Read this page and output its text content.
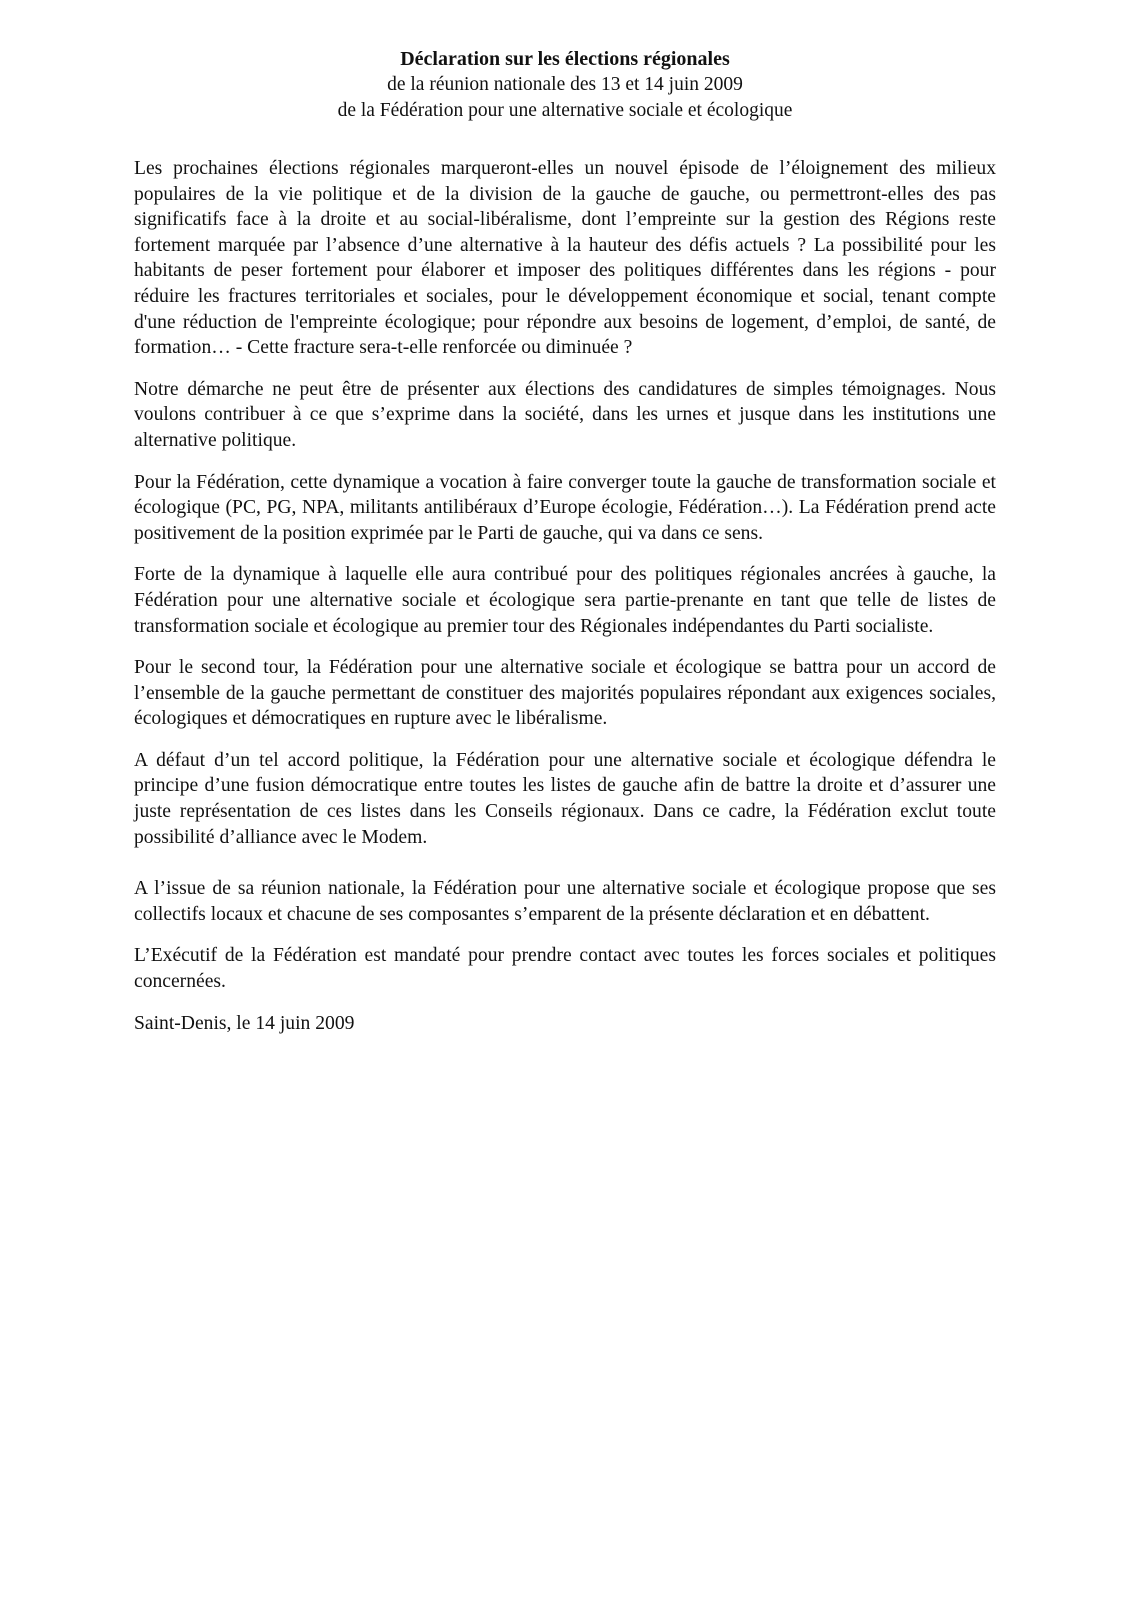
Déclaration sur les élections régionales

de la réunion nationale des 13 et 14 juin 2009

de la Fédération pour une alternative sociale et écologique

Les prochaines élections régionales marqueront-elles un nouvel épisode de l’éloignement des milieux populaires de la vie politique et de la division de la gauche de gauche, ou permettront-elles des pas significatifs face à la droite et au social-libéralisme, dont l’empreinte sur la gestion des Régions reste fortement marquée par l’absence d’une alternative à la hauteur des défis actuels ? La possibilité pour les habitants de peser fortement pour élaborer et imposer des politiques différentes dans les régions - pour réduire les fractures territoriales et sociales, pour le développement économique et social, tenant compte d'une réduction de l'empreinte écologique; pour répondre aux besoins de logement, d’emploi, de santé, de formation… - Cette fracture sera-t-elle renforcée ou diminuée ?

Notre démarche ne peut être de présenter aux élections des candidatures de simples témoignages. Nous voulons contribuer à ce que s’exprime dans la société, dans les urnes et jusque dans les institutions une alternative politique.

Pour la Fédération, cette dynamique a vocation à faire converger toute la gauche de transformation sociale et écologique (PC, PG, NPA, militants antilibéraux d’Europe écologie, Fédération…). La Fédération prend acte positivement de la position exprimée par le Parti de gauche, qui va dans ce sens.

Forte de la dynamique à laquelle elle aura contribué pour des politiques régionales ancrées à gauche, la Fédération pour une alternative sociale et écologique sera partie-prenante en tant que telle de listes de transformation sociale et écologique au premier tour des Régionales indépendantes du Parti socialiste.

Pour le second tour, la Fédération pour une alternative sociale et écologique se battra pour un accord de l’ensemble de la gauche permettant de constituer des majorités populaires répondant aux exigences sociales, écologiques et démocratiques en rupture avec le libéralisme.

A défaut d’un tel accord politique, la Fédération pour une alternative sociale et écologique défendra le principe d’une fusion démocratique entre toutes les listes de gauche afin de battre la droite et d’assurer une juste représentation de ces listes dans les Conseils régionaux. Dans ce cadre, la Fédération exclut toute possibilité d’alliance avec le Modem.

A l’issue de sa réunion nationale, la Fédération pour une alternative sociale et écologique propose que ses collectifs locaux et chacune de ses composantes s’emparent de la présente déclaration et en débattent.

L’Exécutif de la Fédération est mandaté pour prendre contact avec toutes les forces sociales et politiques concernées.

Saint-Denis, le 14 juin 2009
